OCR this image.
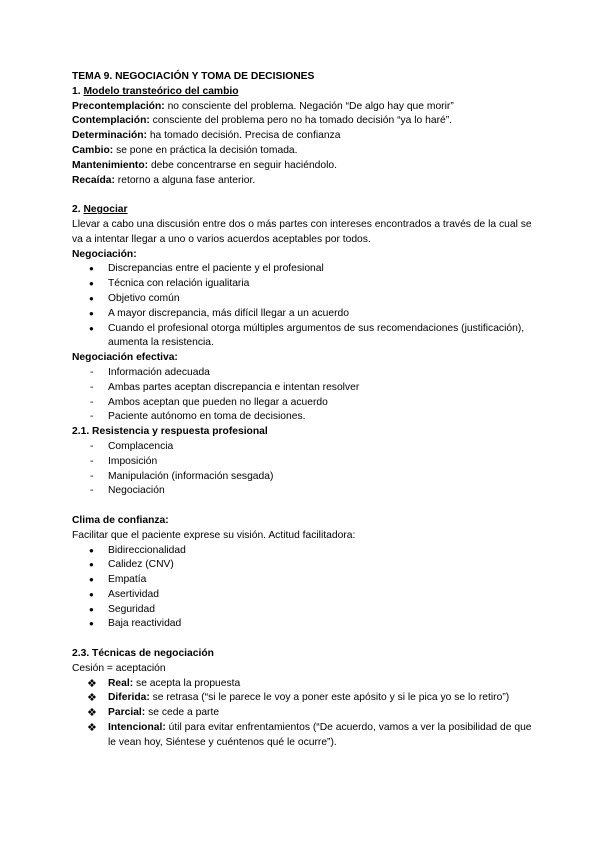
TEMA 9. NEGOCIACIÓN Y TOMA DE DECISIONES
1. Modelo transteórico del cambio
Precontemplación: no consciente del problema. Negación “De algo hay que morir”
Contemplación: consciente del problema pero no ha tomado decisión “ya lo haré”.
Determinación: ha tomado decisión. Precisa de confianza
Cambio: se pone en práctica la decisión tomada.
Mantenimiento: debe concentrarse en seguir haciéndolo.
Recaída: retorno a alguna fase anterior.
2. Negociar
Llevar a cabo una discusión entre dos o más partes con intereses encontrados a través de la cual se va a intentar llegar a uno o varios acuerdos aceptables por todos.
Negociación:
● Discrepancias entre el paciente y el profesional
● Técnica con relación igualitaria
● Objetivo común
● A mayor discrepancia, más difícil llegar a un acuerdo
● Cuando el profesional otorga múltiples argumentos de sus recomendaciones (justificación), aumenta la resistencia.
Negociación efectiva:
- Información adecuada
- Ambas partes aceptan discrepancia e intentan resolver
- Ambos aceptan que pueden no llegar a acuerdo
- Paciente autónomo en toma de decisiones.
2.1. Resistencia y respuesta profesional
- Complacencia
- Imposición
- Manipulación (información sesgada)
- Negociación
Clima de confianza:
Facilitar que el paciente exprese su visión. Actitud facilitadora:
● Bidireccionalidad
● Calidez (CNV)
● Empatía
● Asertividad
● Seguridad
● Baja reactividad
2.3. Técnicas de negociación
Cesión = aceptación
❖ Real: se acepta la propuesta
❖ Diferida: se retrasa (“si le parece le voy a poner este apósito y si le pica yo se lo retiro”)
❖ Parcial: se cede a parte
❖ Intencional: útil para evitar enfrentamientos (“De acuerdo, vamos a ver la posibilidad de que le vean hoy, Siéntese y cuéntenos qué le ocurre”).
